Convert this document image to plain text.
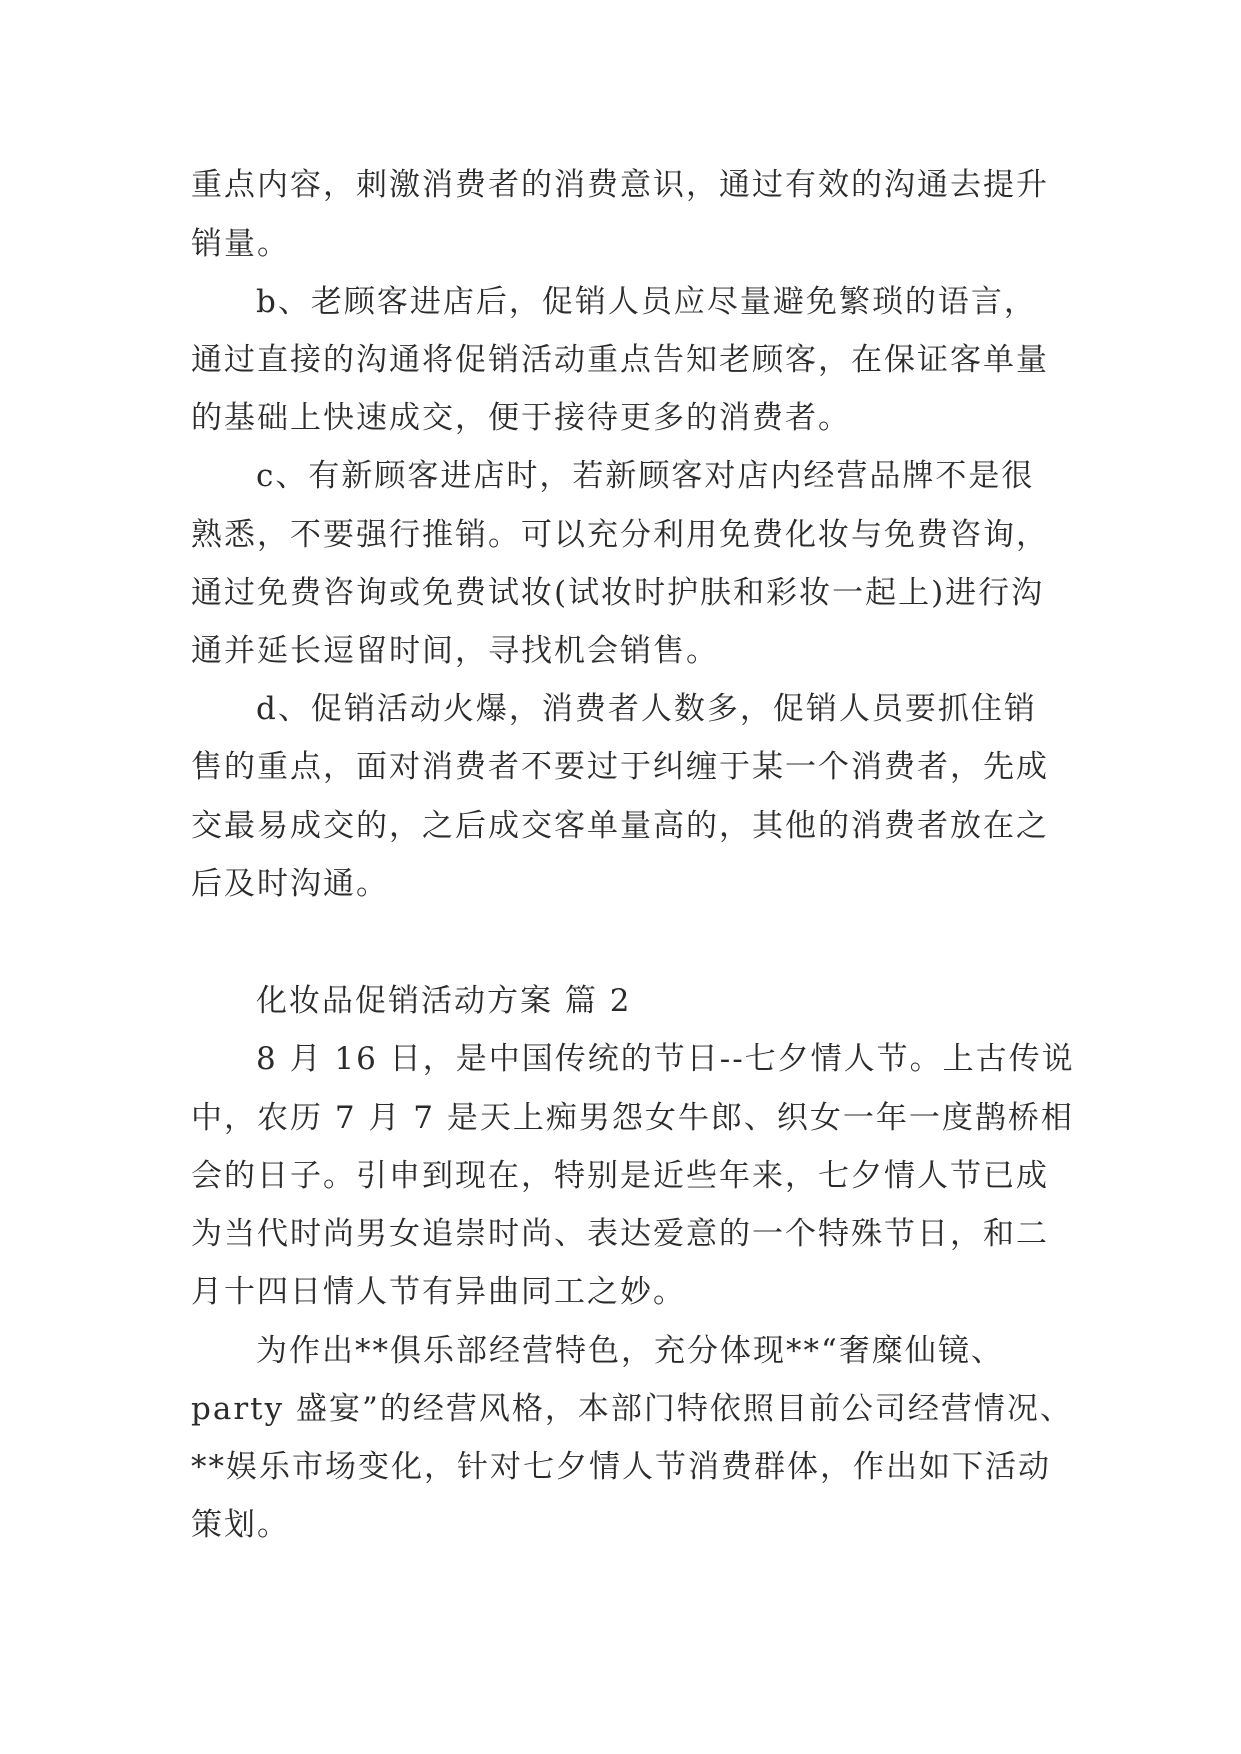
重点内容，刺激消费者的消费意识，通过有效的沟通去提升
销量。
b、老顾客进店后，促销人员应尽量避免繁琐的语言，
通过直接的沟通将促销活动重点告知老顾客，在保证客单量
的基础上快速成交，便于接待更多的消费者。
c、有新顾客进店时，若新顾客对店内经营品牌不是很
熟悉，不要强行推销。可以充分利用免费化妆与免费咨询，
通过免费咨询或免费试妆(试妆时护肤和彩妆一起上)进行沟
通并延长逗留时间，寻找机会销售。
d、促销活动火爆，消费者人数多，促销人员要抓住销
售的重点，面对消费者不要过于纠缠于某一个消费者，先成
交最易成交的，之后成交客单量高的，其他的消费者放在之
后及时沟通。
化妆品促销活动方案 篇 2
8 月 16 日，是中国传统的节日--七夕情人节。上古传说
中，农历 7 月 7 是天上痴男怨女牛郎、织女一年一度鹊桥相
会的日子。引申到现在，特别是近些年来，七夕情人节已成
为当代时尚男女追崇时尚、表达爱意的一个特殊节日，和二
月十四日情人节有异曲同工之妙。
为作出**俱乐部经营特色，充分体现**“奢糜仙镜、
party 盛宴”的经营风格，本部门特依照目前公司经营情况、
**娱乐市场变化，针对七夕情人节消费群体，作出如下活动
策划。
